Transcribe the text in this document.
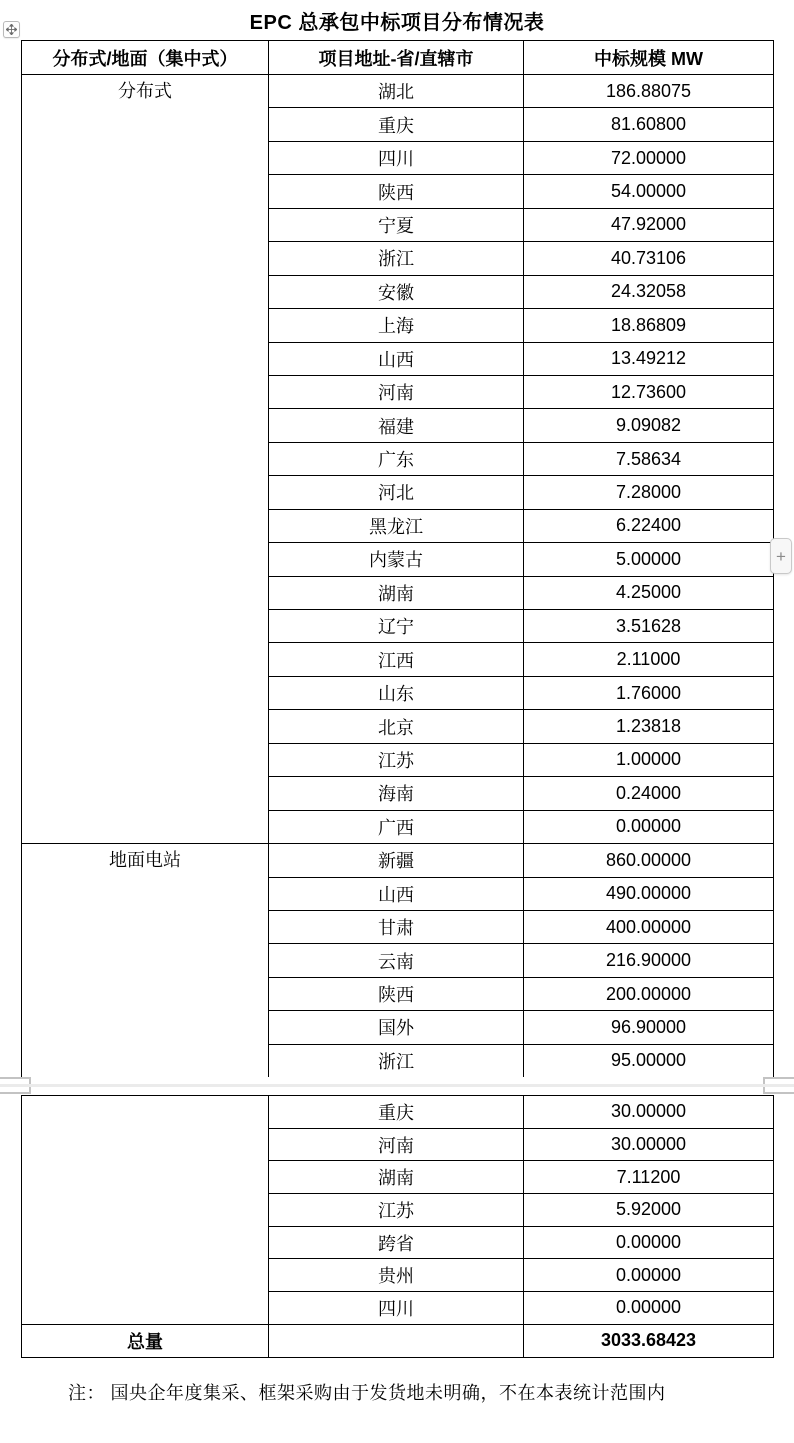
EPC 总承包中标项目分布情况表
分布式/地面（集中式）	项目地址-省/直辖市	中标规模 MW
分布式	湖北	186.88075
	重庆	81.60800
	四川	72.00000
	陕西	54.00000
	宁夏	47.92000
	浙江	40.73106
	安徽	24.32058
	上海	18.86809
	山西	13.49212
	河南	12.73600
	福建	9.09082
	广东	7.58634
	河北	7.28000
	黑龙江	6.22400
	内蒙古	5.00000
	湖南	4.25000
	辽宁	3.51628
	江西	2.11000
	山东	1.76000
	北京	1.23818
	江苏	1.00000
	海南	0.24000
	广西	0.00000
地面电站	新疆	860.00000
	山西	490.00000
	甘肃	400.00000
	云南	216.90000
	陕西	200.00000
	国外	96.90000
	浙江	95.00000
+
	重庆	30.00000
	河南	30.00000
	湖南	7.11200
	江苏	5.92000
	跨省	0.00000
	贵州	0.00000
	四川	0.00000
总量		3033.68423
注： 国央企年度集采、框架采购由于发货地未明确，不在本表统计范围内
